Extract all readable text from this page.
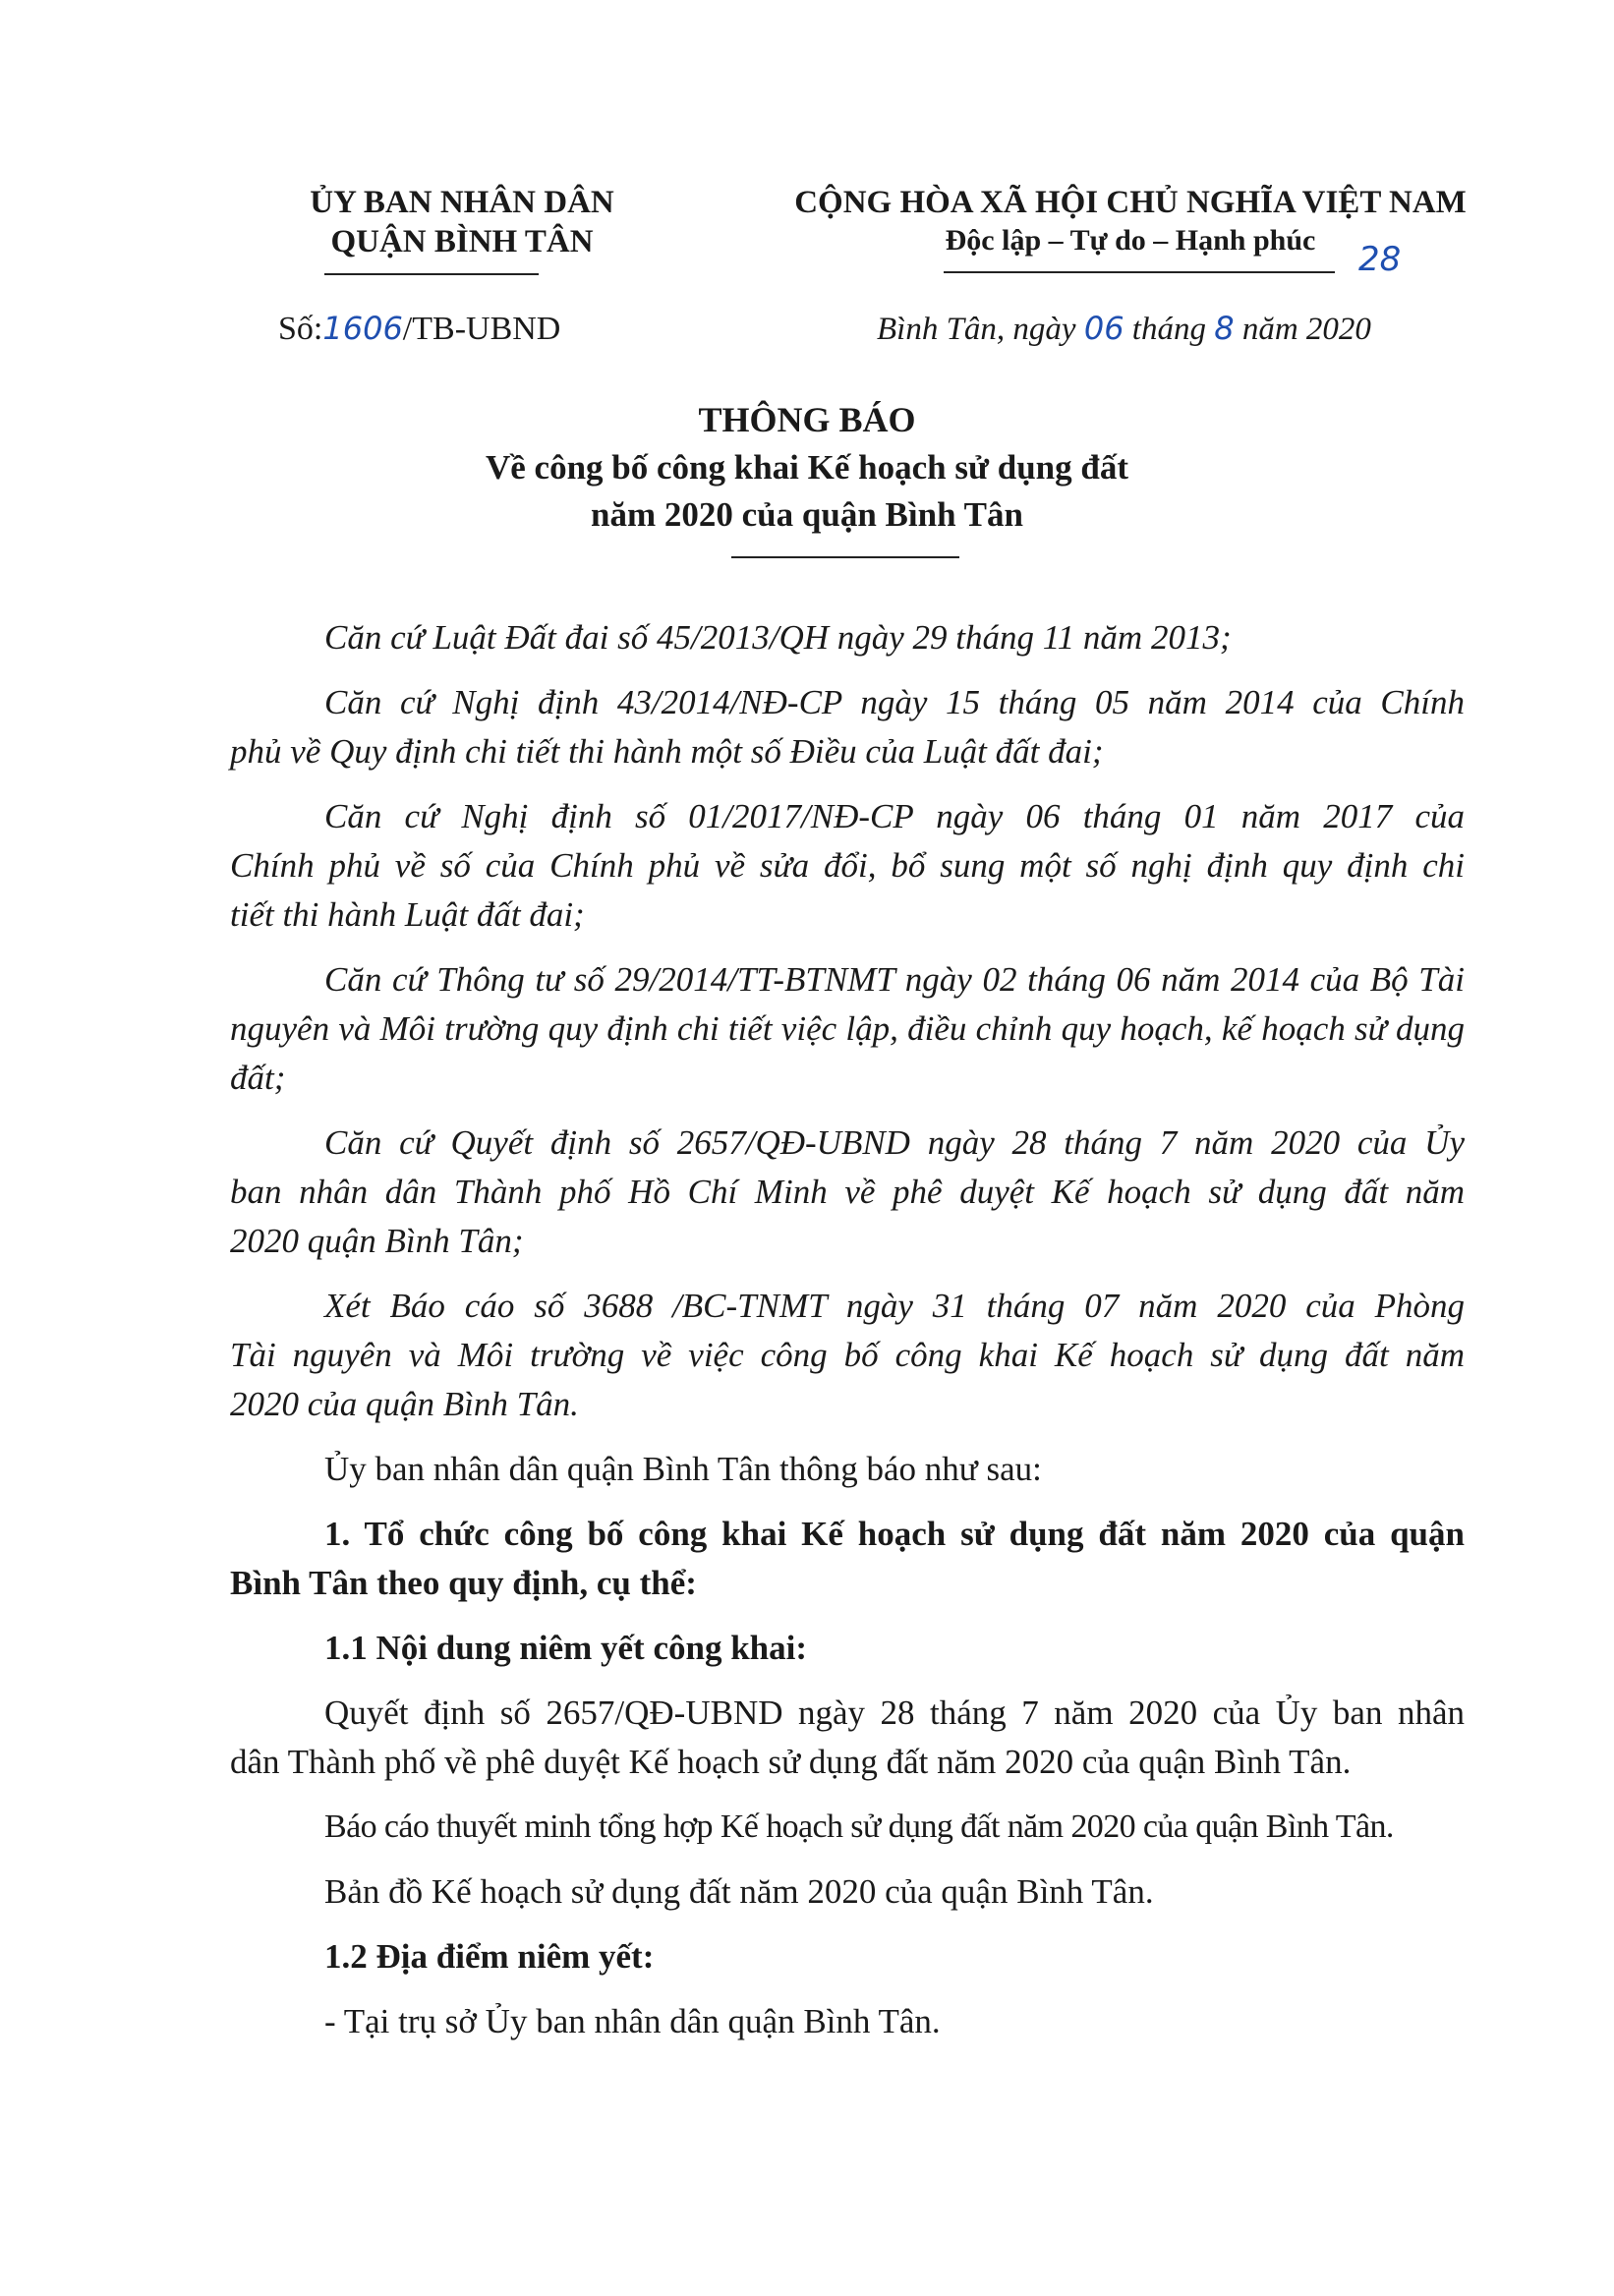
ỦY BAN NHÂN DÂN
QUẬN BÌNH TÂN
CỘNG HÒA XÃ HỘI CHỦ NGHĨA VIỆT NAM
Độc lập – Tự do – Hạnh phúc	28
Số:1606/TB-UBND	Bình Tân, ngày 06 tháng 8 năm 2020
THÔNG BÁO
Về công bố công khai Kế hoạch sử dụng đất
năm 2020 của quận Bình Tân
Căn cứ Luật Đất đai số 45/2013/QH ngày 29 tháng 11 năm 2013;
Căn cứ Nghị định 43/2014/NĐ-CP ngày 15 tháng 05 năm 2014 của Chính
phủ về Quy định chi tiết thi hành một số Điều của Luật đất đai;
Căn cứ Nghị định số 01/2017/NĐ-CP ngày 06 tháng 01 năm 2017 của
Chính phủ về số của Chính phủ về sửa đổi, bổ sung một số nghị định quy định chi
tiết thi hành Luật đất đai;
Căn cứ Thông tư số 29/2014/TT-BTNMT ngày 02 tháng 06 năm 2014 của Bộ Tài
nguyên và Môi trường quy định chi tiết việc lập, điều chỉnh quy hoạch, kế hoạch sử dụng
đất;
Căn cứ Quyết định số 2657/QĐ-UBND ngày 28 tháng 7 năm 2020 của Ủy
ban nhân dân Thành phố Hồ Chí Minh về phê duyệt Kế hoạch sử dụng đất năm
2020 quận Bình Tân;
Xét Báo cáo số 3688 /BC-TNMT ngày 31 tháng 07 năm 2020 của Phòng
Tài nguyên và Môi trường về việc công bố công khai Kế hoạch sử dụng đất năm
2020 của quận Bình Tân.
Ủy ban nhân dân quận Bình Tân thông báo như sau:
1. Tổ chức công bố công khai Kế hoạch sử dụng đất năm 2020 của quận
Bình Tân theo quy định, cụ thể:
1.1 Nội dung niêm yết công khai:
Quyết định số 2657/QĐ-UBND ngày 28 tháng 7 năm 2020 của Ủy ban nhân
dân Thành phố về phê duyệt Kế hoạch sử dụng đất năm 2020 của quận Bình Tân.
Báo cáo thuyết minh tổng hợp Kế hoạch sử dụng đất năm 2020 của quận Bình Tân.
Bản đồ Kế hoạch sử dụng đất năm 2020 của quận Bình Tân.
1.2 Địa điểm niêm yết:
- Tại trụ sở Ủy ban nhân dân quận Bình Tân.
